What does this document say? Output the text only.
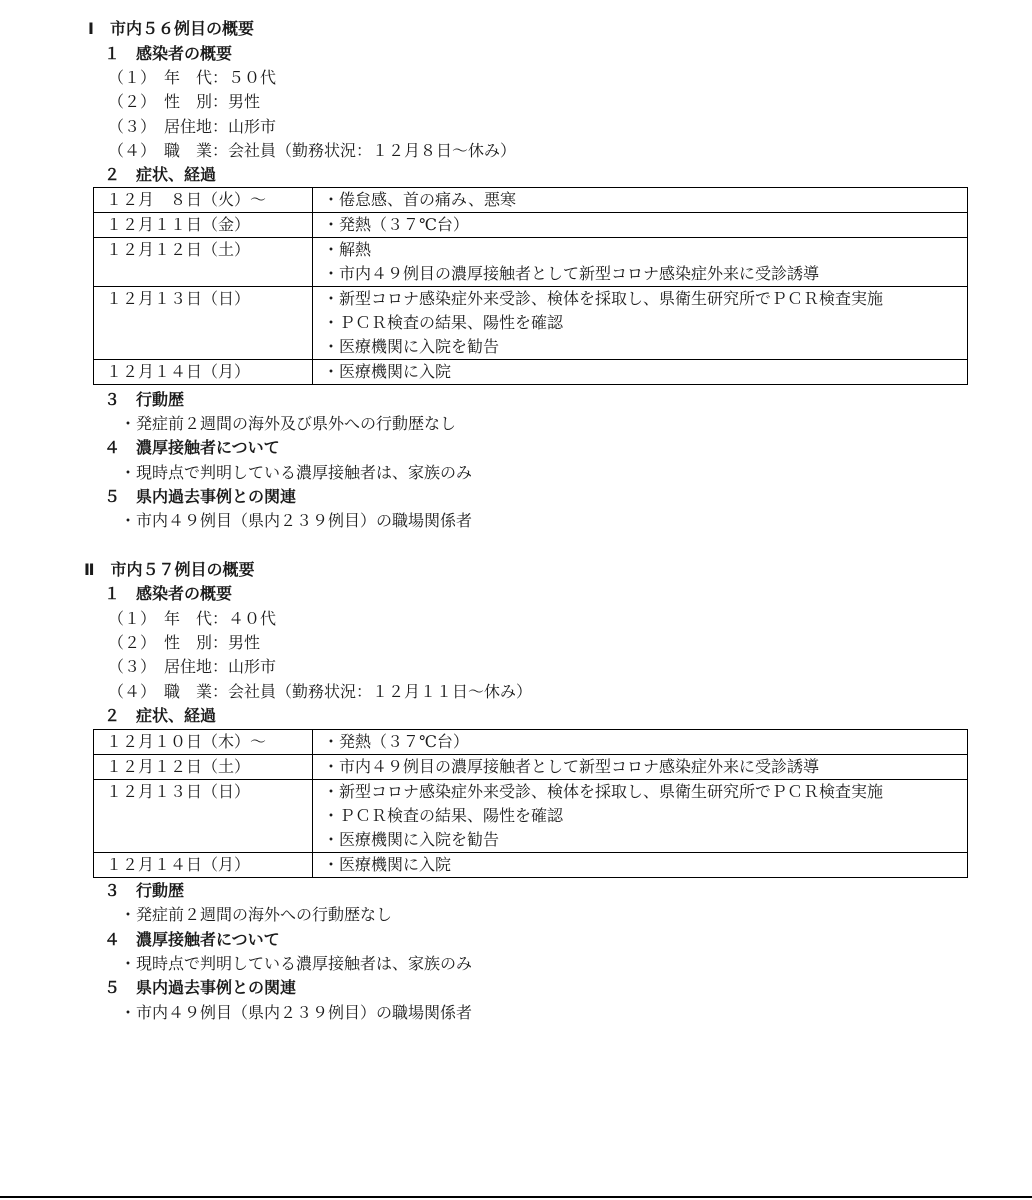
Ⅰ　市内５６例目の概要
１　感染者の概要
（１）　年　代：５０代
（２）　性　別：男性
（３）　居住地：山形市
（４）　職　業：会社員（勤務状況：１２月８日～休み）
２　症状、経過
１２月　８日（火）～	・倦怠感、首の痛み、悪寒

１２月１１日（金）	・発熱（３７℃台）

１２月１２日（土）	・解熱
・市内４９例目の濃厚接触者として新型コロナ感染症外来に受診誘導

１２月１３日（日）	・新型コロナ感染症外来受診、検体を採取し、県衛生研究所でＰＣＲ検査実施
・ＰＣＲ検査の結果、陽性を確認
・医療機関に入院を勧告

１２月１４日（月）	・医療機関に入院
３　行動歴
・発症前２週間の海外及び県外への行動歴なし
４　濃厚接触者について
・現時点で判明している濃厚接触者は、家族のみ
５　県内過去事例との関連
・市内４９例目（県内２３９例目）の職場関係者
Ⅱ　市内５７例目の概要
１　感染者の概要
（１）　年　代：４０代
（２）　性　別：男性
（３）　居住地：山形市
（４）　職　業：会社員（勤務状況：１２月１１日～休み）
２　症状、経過
１２月１０日（木）～	・発熱（３７℃台）

１２月１２日（土）	・市内４９例目の濃厚接触者として新型コロナ感染症外来に受診誘導

１２月１３日（日）	・新型コロナ感染症外来受診、検体を採取し、県衛生研究所でＰＣＲ検査実施
・ＰＣＲ検査の結果、陽性を確認
・医療機関に入院を勧告

１２月１４日（月）	・医療機関に入院
３　行動歴
・発症前２週間の海外への行動歴なし
４　濃厚接触者について
・現時点で判明している濃厚接触者は、家族のみ
５　県内過去事例との関連
・市内４９例目（県内２３９例目）の職場関係者
